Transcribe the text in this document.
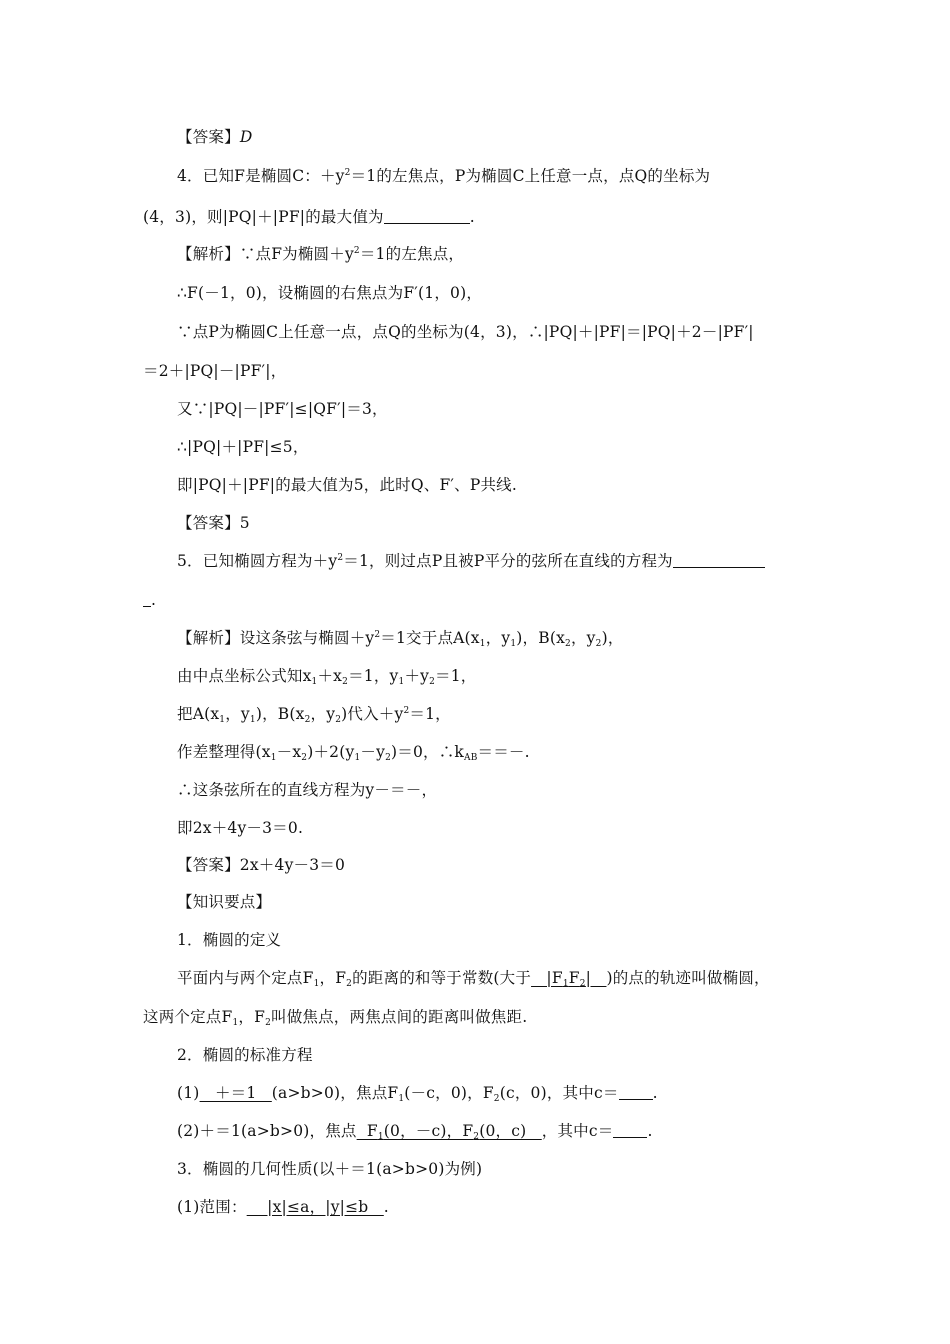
【答案】D
4．已知F是椭圆C：$+y^2=1$的左焦点，P为椭圆C上任意一点，点Q的坐标为
(4，3)，则|PQ|＋|PF|的最大值为	.
【解析】∵点F为椭圆$+y^2=1$的左焦点，
∴F(－1，0)，设椭圆的右焦点为F′(1，0)，
∵点P为椭圆C上任意一点，点Q的坐标为(4，3)，∴|PQ|＋|PF|＝|PQ|＋2－|PF′|
＝2＋|PQ|－|PF′|，
又∵|PQ|－|PF′|≤|QF′|＝3，
∴|PQ|＋|PF|≤5，
即|PQ|＋|PF|的最大值为5，此时Q、F′、P共线.
【答案】5
5．已知椭圆方程为$+y^2=1$，则过点P且被P平分的弦所在直线的方程为
.
【解析】设这条弦与椭圆$+y^2=1$交于点$A(x_1$，$y_1$)，$B(x_2$，$y_2$)，
由中点坐标公式知$x_1+x_2=1$，$y_1+y_2=1$，
把$A(x_1$，$y_1$)，$B(x_2$，$y_2$)代入$+y^2=1$，
作差整理得$(x_1-x_2)+2(y_1-y_2)=0$，$\therefore k_{AB}==-$.
∴这条弦所在的直线方程为y－＝－，
即2x＋4y－3＝0.
【答案】2x＋4y－3＝0
【知识要点】
1．椭圆的定义
平面内与两个定点$F_1$，$F_2$的距离的和等于常数(大于   $|F_1F_2|$   )的点的轨迹叫做椭圆，
这两个定点$F_1$，$F_2$叫做焦点，两焦点间的距离叫做焦距.
2．椭圆的标准方程
(1)   ＋＝1   (a>b>0)，焦点$F_1(-c$，0)，$F_2(c$，0)，其中c＝ .
(2)＋＝1(a>b>0)，焦点  $F_1(0$，－c)，$F_2(0$，c)   ，其中c＝ .
3．椭圆的几何性质(以＋＝1(a>b>0)为例)
(1)范围：    |x|≤a，|y|≤b   .
